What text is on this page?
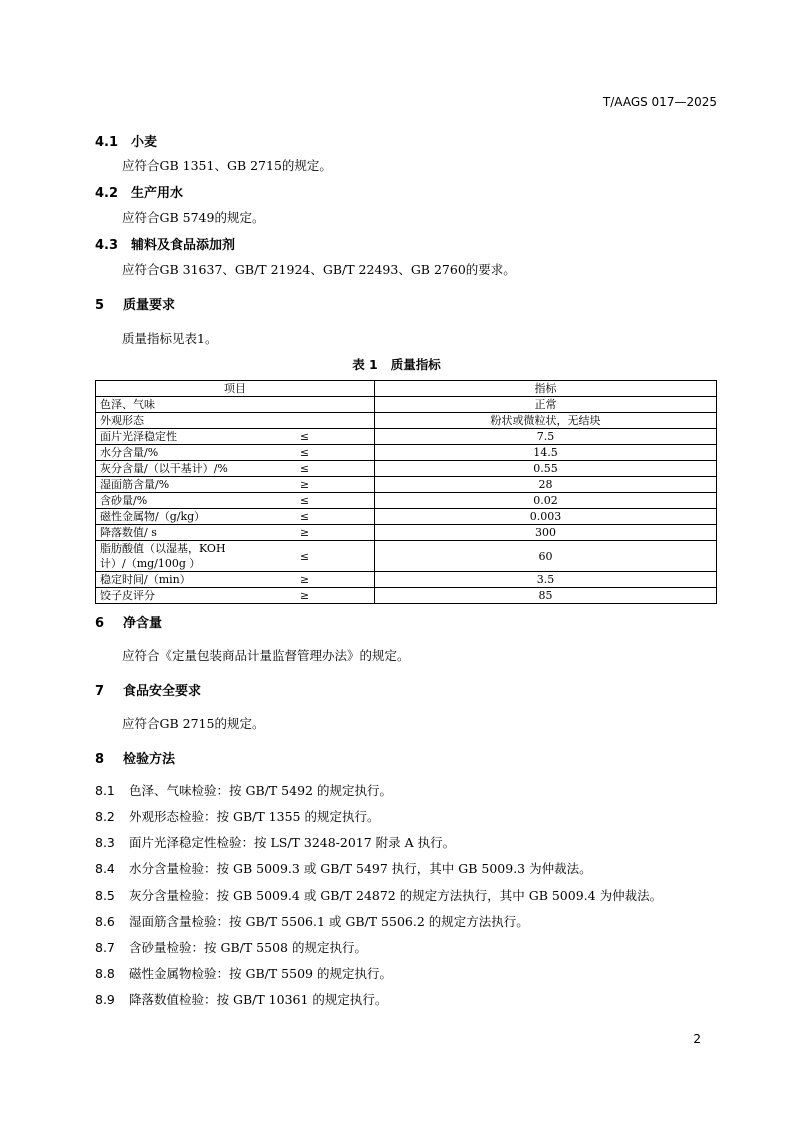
T/AAGS 017—2025
4.1 小麦
应符合GB 1351、GB 2715的规定。
4.2 生产用水
应符合GB 5749的规定。
4.3 辅料及食品添加剂
应符合GB 31637、GB/T 21924、GB/T 22493、GB 2760的要求。
5 质量要求
质量指标见表1。
表 1   质量指标
项目		指标
色泽、气味		正常
外观形态		粉状或微粒状，无结块
面片光泽稳定性	≤	7.5
水分含量/%	≤	14.5
灰分含量/（以干基计）/%	≤	0.55
湿面筋含量/%	≥	28
含砂量/%	≤	0.02
磁性金属物/（g/kg）	≤	0.003
降落数值/ s	≥	300
脂肪酸值（以湿基，KOH计）/（mg/100g ）	≤	60
稳定时间/（min）	≥	3.5
饺子皮评分	≥	85
6 净含量
应符合《定量包装商品计量监督管理办法》的规定。
7 食品安全要求
应符合GB 2715的规定。
8 检验方法
8.1 色泽、气味检验：按 GB/T 5492 的规定执行。
8.2 外观形态检验：按 GB/T 1355 的规定执行。
8.3 面片光泽稳定性检验：按 LS/T 3248-2017 附录 A 执行。
8.4 水分含量检验：按 GB 5009.3 或 GB/T 5497 执行，其中 GB 5009.3 为仲裁法。
8.5 灰分含量检验：按 GB 5009.4 或 GB/T 24872 的规定方法执行，其中 GB 5009.4 为仲裁法。
8.6 湿面筋含量检验：按 GB/T 5506.1 或 GB/T 5506.2 的规定方法执行。
8.7 含砂量检验：按 GB/T 5508 的规定执行。
8.8 磁性金属物检验：按 GB/T 5509 的规定执行。
8.9 降落数值检验：按 GB/T 10361 的规定执行。
2
